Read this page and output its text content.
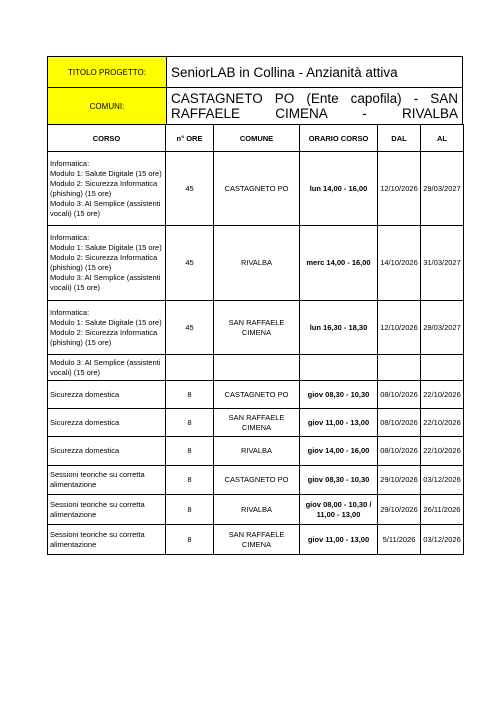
TITOLO PROGETTO:	SeniorLAB in Collina - Anzianità attiva
COMUNI:	CASTAGNETO PO (Ente capofila) - SAN RAFFAELE CIMENA - RIVALBA
CORSO	n° ORE	COMUNE	ORARIO CORSO	DAL	AL

Informatica:
Modulo 1: Salute Digitale (15 ore)
Modulo 2: Sicurezza Informatica (phishing) (15 ore)
Modulo 3: AI Semplice (assistenti vocali) (15 ore)	45	CASTAGNETO PO	lun 14,00 - 16,00	12/10/2026	29/03/2027

Informatica:
Modulo 1: Salute Digitale (15 ore)
Modulo 2: Sicurezza Informatica (phishing) (15 ore)
Modulo 3: AI Semplice (assistenti vocali) (15 ore)	45	RIVALBA	merc 14,00 - 16,00	14/10/2026	31/03/2027

Informatica:
Modulo 1: Salute Digitale (15 ore)
Modulo 2: Sicurezza Informatica (phishing) (15 ore)	45	SAN RAFFAELE CIMENA	lun 16,30 - 18,30	12/10/2026	29/03/2027

Modulo 3: AI Semplice (assistenti vocali) (15 ore)					

Sicurezza domestica	8	CASTAGNETO PO	giov 08,30 - 10,30	08/10/2026	22/10/2026

Sicurezza domestica	8	SAN RAFFAELE CIMENA	giov 11,00 - 13,00	08/10/2026	22/10/2026

Sicurezza domestica	8	RIVALBA	giov 14,00 - 16,00	08/10/2026	22/10/2026

Sessioni teoriche su corretta alimentazione	8	CASTAGNETO PO	giov 08,30 - 10,30	29/10/2026	03/12/2026

Sessioni teoriche su corretta alimentazione	8	RIVALBA	giov 08,00 - 10,30 / 11,00 - 13,00	29/10/2026	26/11/2026

Sessioni teoriche su corretta alimentazione	8	SAN RAFFAELE CIMENA	giov 11,00 - 13,00	5/11/2026	03/12/2026
